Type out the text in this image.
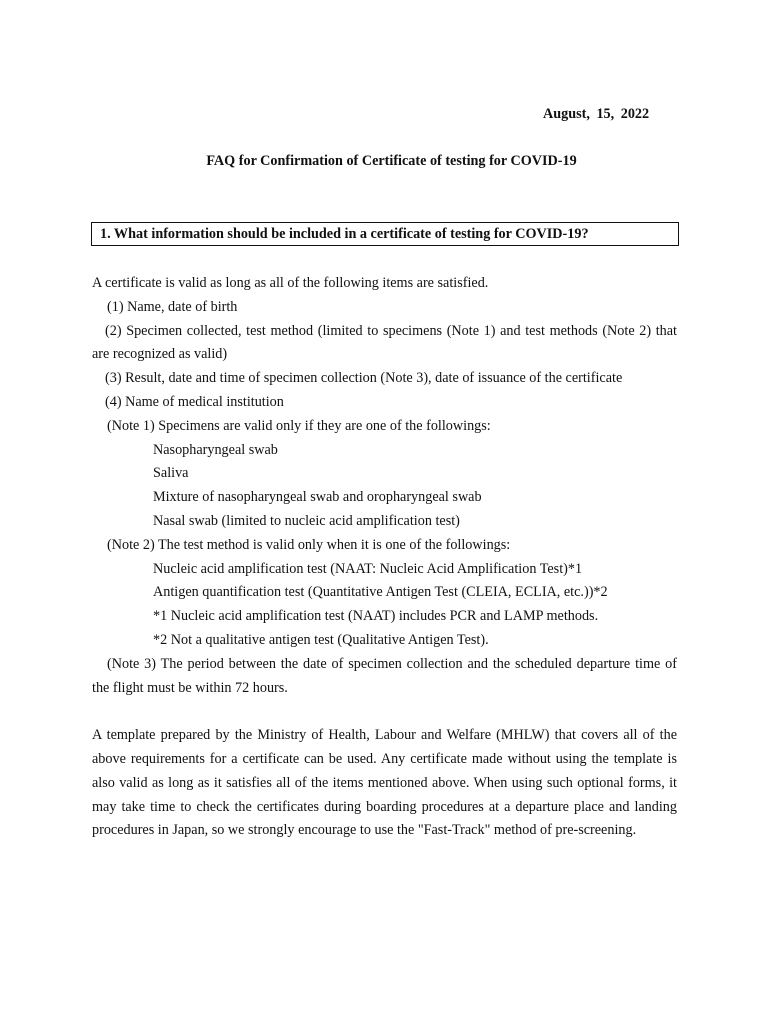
August, 15, 2022
FAQ for Confirmation of Certificate of testing for COVID-19
1. What information should be included in a certificate of testing for COVID-19?
A certificate is valid as long as all of the following items are satisfied.
(1) Name, date of birth
(2) Specimen collected, test method (limited to specimens (Note 1) and test methods (Note 2) that are recognized as valid)
(3) Result, date and time of specimen collection (Note 3), date of issuance of the certificate
(4) Name of medical institution
(Note 1) Specimens are valid only if they are one of the followings:
Nasopharyngeal swab
Saliva
Mixture of nasopharyngeal swab and oropharyngeal swab
Nasal swab (limited to nucleic acid amplification test)
(Note 2) The test method is valid only when it is one of the followings:
Nucleic acid amplification test (NAAT: Nucleic Acid Amplification Test)*1
Antigen quantification test (Quantitative Antigen Test (CLEIA, ECLIA, etc.))*2
*1 Nucleic acid amplification test (NAAT) includes PCR and LAMP methods.
*2 Not a qualitative antigen test (Qualitative Antigen Test).
(Note 3) The period between the date of specimen collection and the scheduled departure time of the flight must be within 72 hours.
A template prepared by the Ministry of Health, Labour and Welfare (MHLW) that covers all of the above requirements for a certificate can be used. Any certificate made without using the template is also valid as long as it satisfies all of the items mentioned above. When using such optional forms, it may take time to check the certificates during boarding procedures at a departure place and landing procedures in Japan, so we strongly encourage to use the "Fast-Track" method of pre-screening.
